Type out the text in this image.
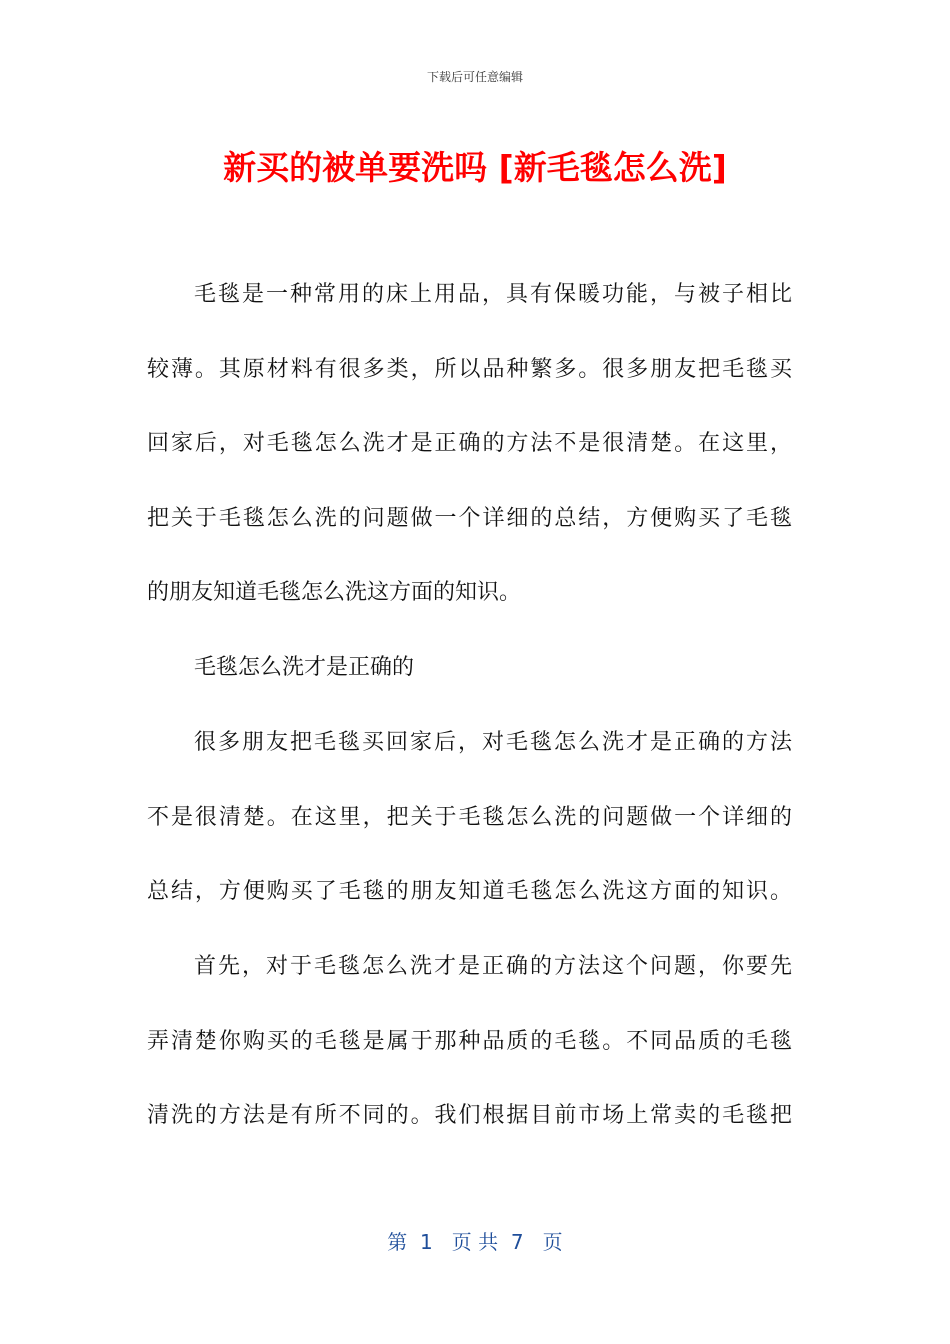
下载后可任意编辑
新买的被单要洗吗 [新毛毯怎么洗]
毛毯是一种常用的床上用品，具有保暖功能，与被子相比
较薄。其原材料有很多类，所以品种繁多。很多朋友把毛毯买
回家后，对毛毯怎么洗才是正确的方法不是很清楚。在这里，
把关于毛毯怎么洗的问题做一个详细的总结，方便购买了毛毯
的朋友知道毛毯怎么洗这方面的知识。
毛毯怎么洗才是正确的
很多朋友把毛毯买回家后，对毛毯怎么洗才是正确的方法
不是很清楚。在这里，把关于毛毯怎么洗的问题做一个详细的
总结，方便购买了毛毯的朋友知道毛毯怎么洗这方面的知识。
首先，对于毛毯怎么洗才是正确的方法这个问题，你要先
弄清楚你购买的毛毯是属于那种品质的毛毯。不同品质的毛毯
清洗的方法是有所不同的。我们根据目前市场上常卖的毛毯把
第  1   页 共  7   页
